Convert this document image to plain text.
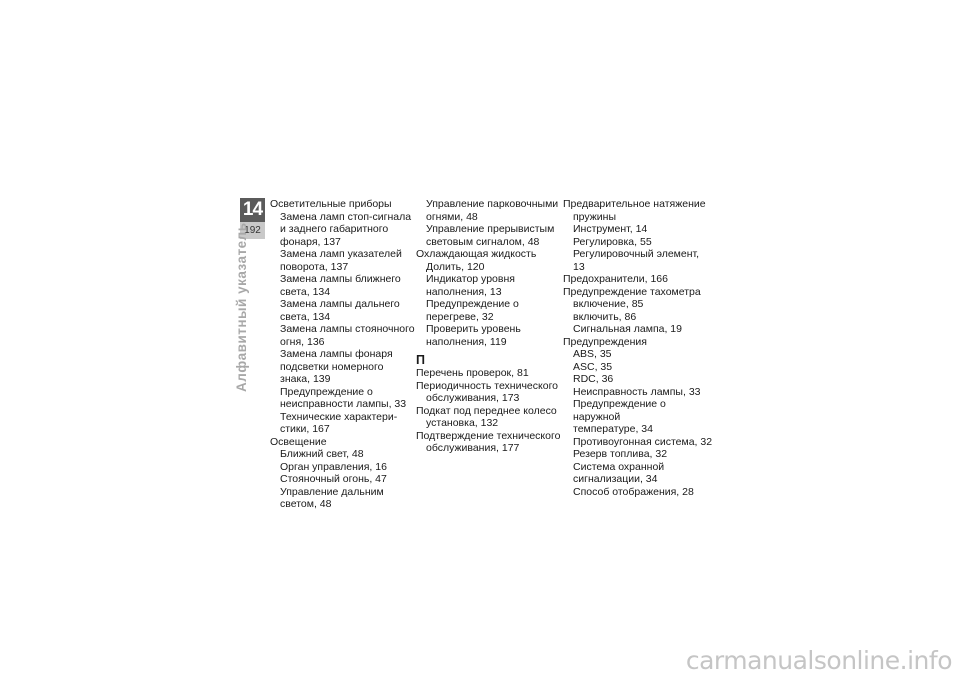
14
192
Алфавитный указатель
Осветительные приборы
Замена ламп стоп-сигнала
и заднего габаритного
фонаря, 137
Замена ламп указателей
поворота, 137
Замена лампы ближнего
света, 134
Замена лампы дальнего
света, 134
Замена лампы стояночного
огня, 136
Замена лампы фонаря
подсветки номерного
знака, 139
Предупреждение о
неисправности лампы, 33
Технические характери-
стики, 167
Освещение
Ближний свет, 48
Орган управления, 16
Стояночный огонь, 47
Управление дальним
светом, 48
Управление парковочными
огнями, 48
Управление прерывистым
световым сигналом, 48
Охлаждающая жидкость
Долить, 120
Индикатор уровня
наполнения, 13
Предупреждение о
перегреве, 32
Проверить уровень
наполнения, 119
П
Перечень проверок, 81
Периодичность технического
обслуживания, 173
Подкат под переднее колесо
установка, 132
Подтверждение технического
обслуживания, 177
Предварительное натяжение
пружины
Инструмент, 14
Регулировка, 55
Регулировочный элемент, 13
Предохранители, 166
Предупреждение тахометра
включение, 85
включить, 86
Сигнальная лампа, 19
Предупреждения
ABS, 35
ASC, 35
RDC, 36
Неисправность лампы, 33
Предупреждение о наружной
температуре, 34
Противоугонная система, 32
Резерв топлива, 32
Система охранной
сигнализации, 34
Способ отображения, 28
carmanualsonline.info
